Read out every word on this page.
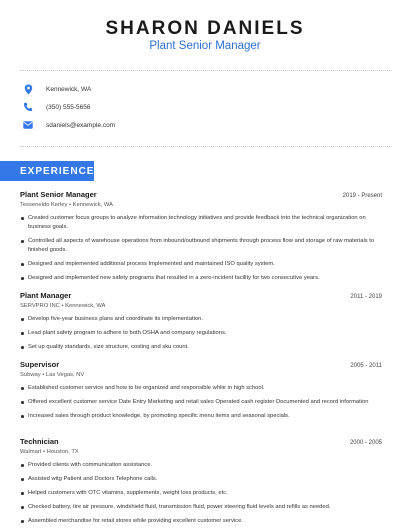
SHARON DANIELS
Plant Senior Manager
Kennewick, WA
(350) 555-5656
sdaniels@example.com
EXPERIENCE
Plant Senior Manager	2019 - Present
Tesseneldo Kerley • Kennewick, WA
Created customer focus groups to analyze information technology initiatives and provide feedback into the technical organization on business goals.
Controlled all aspects of warehouse operations from inbound/outbound shipments through process flow and storage of raw materials to finished goods.
Designed and implemented additional process Implemented and maintained ISO quality system.
Designed and implemented new safety programs that resulted in a zero-incident facility for two consecutive years.
Plant Manager	2011 - 2019
SERVPRO INC • Kennewick, WA
Develop five-year business plans and coordinate its implementation.
Lead plant safety program to adhere to both OSHA and company regulations.
Set up quality standards, size structure, costing and sku count.
Supervisor	2005 - 2011
Subway • Las Vegas, NV
Established customer service and how to be organized and responsible while in high school.
Offered excellent customer service Date Entry Marketing and retail sales Operated cash register Documented and record information
Increased sales through product knowledge, by promoting specific menu items and seasonal specials.
Technician	2000 - 2005
Walmart • Houston, TX
Provided clients with communication assistance.
Assisted witg Patient and Doctors Telephone calls.
Helped customers with OTC vitamins, supplements, weight loss products, etc.
Checked battery, tire air pressure, windshield fluid, transmission fluid, power steering fluid levels and refills as needed.
Assembled merchandise for retail stores while providing excellent customer service.
